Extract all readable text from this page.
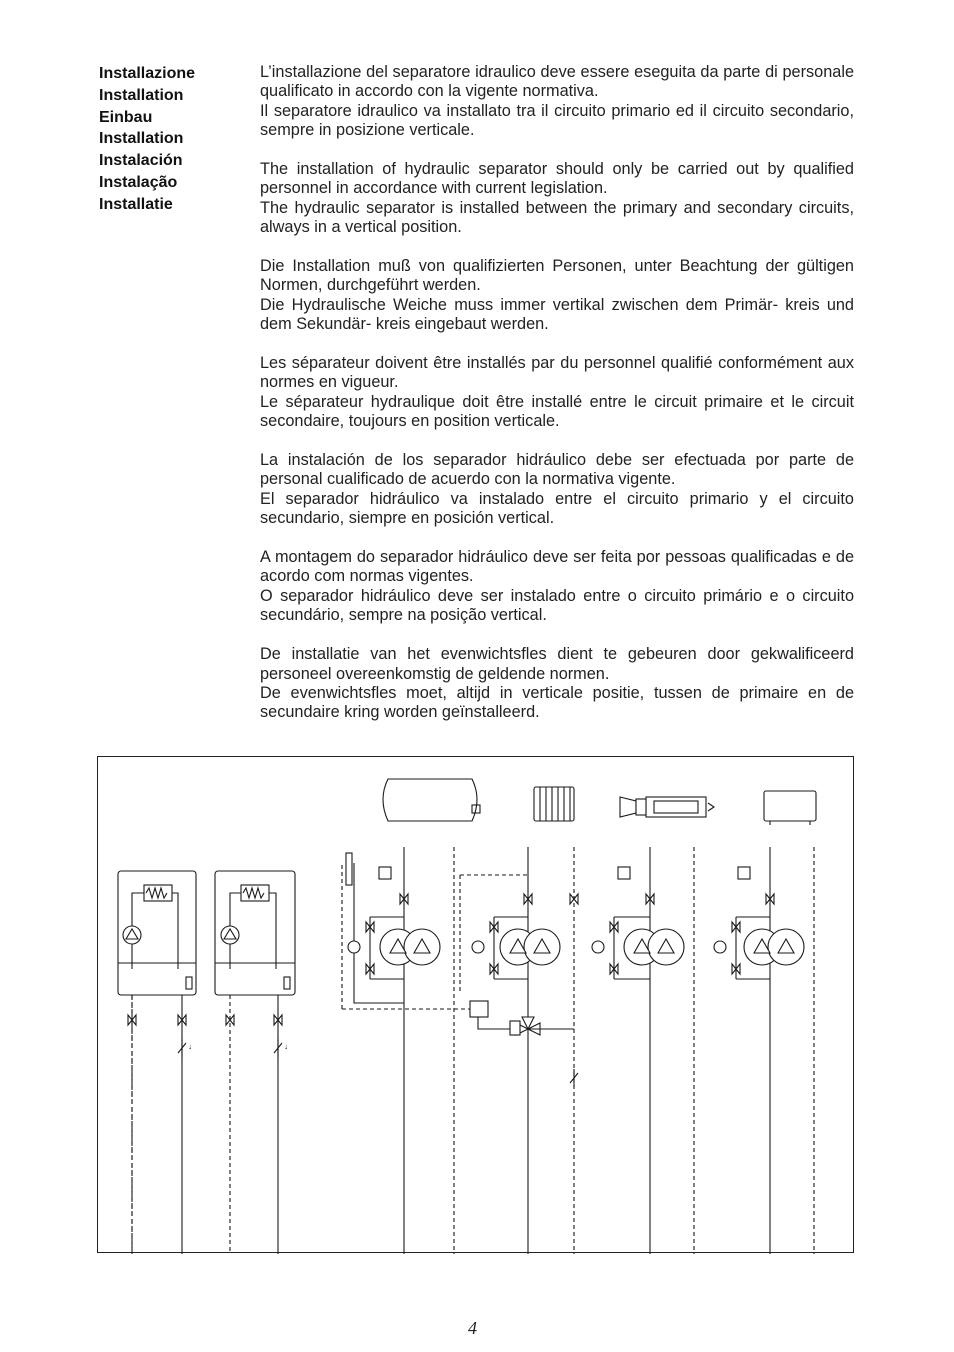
Installazione
Installation
Einbau
Installation
Instalación
Instalação
Installatie
L’installazione del separatore idraulico deve essere eseguita da parte di personale qualificato in accordo con la vigente normativa.
Il separatore idraulico va installato tra il circuito primario ed il circuito secondario, sempre in posizione verticale.
The installation of hydraulic separator should only be carried out by qualified personnel in accordance with current legislation.
The hydraulic separator is installed between the primary and secondary circuits, always in a vertical position.
Die Installation muß von qualifizierten Personen, unter Beachtung der gültigen Normen, durchgeführt werden.
Die Hydraulische Weiche muss immer vertikal zwischen dem Primär- kreis und dem Sekundär- kreis eingebaut werden.
Les séparateur doivent être installés par du personnel qualifié conformément aux normes en vigueur.
Le séparateur hydraulique doit être installé entre le circuit primaire et le circuit secondaire, toujours en position verticale.
La instalación de los separador hidráulico debe ser efectuada por parte de personal cualificado de acuerdo con la normativa vigente.
El separador hidráulico va instalado entre el circuito primario y el circuito secundario, siempre en posición vertical.
A montagem do separador hidráulico deve ser feita por pessoas qualificadas e de acordo com normas vigentes.
O separador hidráulico deve ser instalado entre o circuito primário e o circuito secundário, sempre na posição vertical.
De installatie van het evenwichtsfles dient te gebeuren door gekwalificeerd personeel overeenkomstig de geldende normen.
De evenwichtsfles moet, altijd in verticale positie, tussen de primaire en de secundaire kring worden geïnstalleerd.
↓	↓
4
